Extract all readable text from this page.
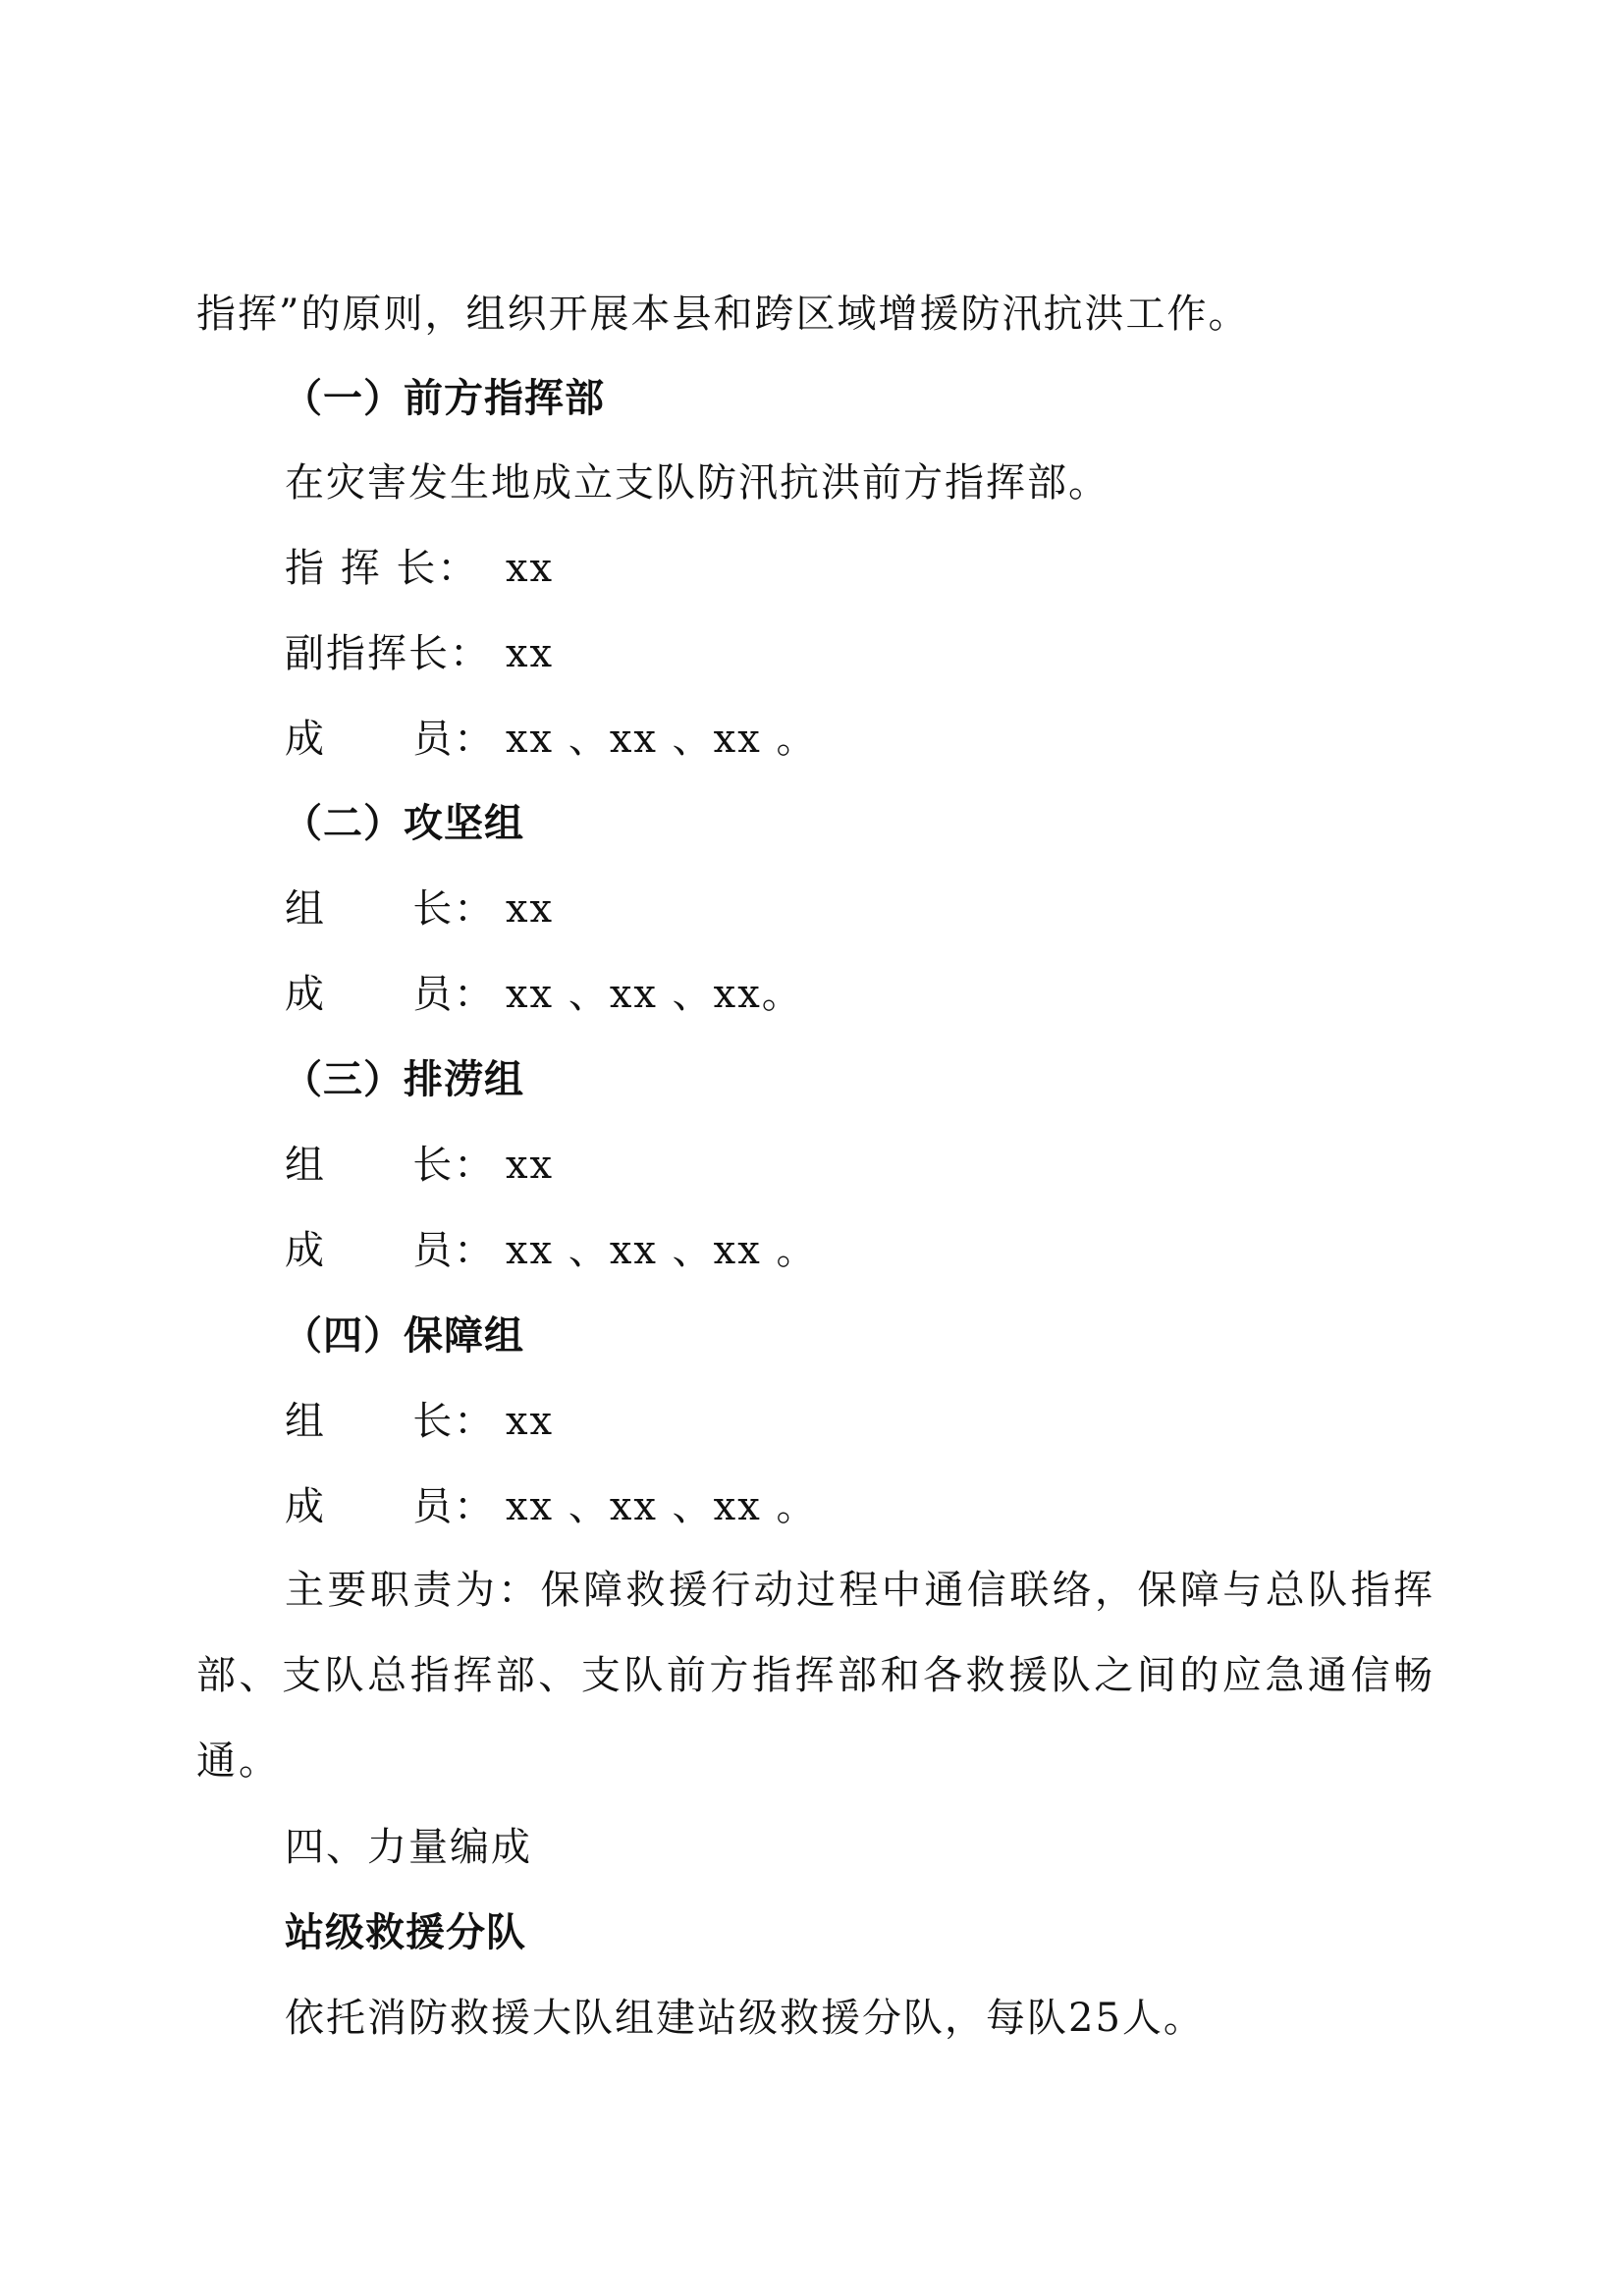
指挥”的原则，组织开展本县和跨区域增援防汛抗洪工作。
（一）前方指挥部
在灾害发生地成立支队防汛抗洪前方指挥部。
指 挥 长： xx
副指挥长： xx
成      员： xx 、xx 、xx 。
（二）攻坚组
组      长： xx
成      员： xx 、xx 、xx。
（三）排涝组
组      长： xx
成      员： xx 、xx 、xx 。
（四）保障组
组      长： xx
成      员： xx 、xx 、xx 。
主要职责为：保障救援行动过程中通信联络，保障与总队指挥部、支队总指挥部、支队前方指挥部和各救援队之间的应急通信畅通。
四、力量编成
站级救援分队
依托消防救援大队组建站级救援分队，每队25人。
